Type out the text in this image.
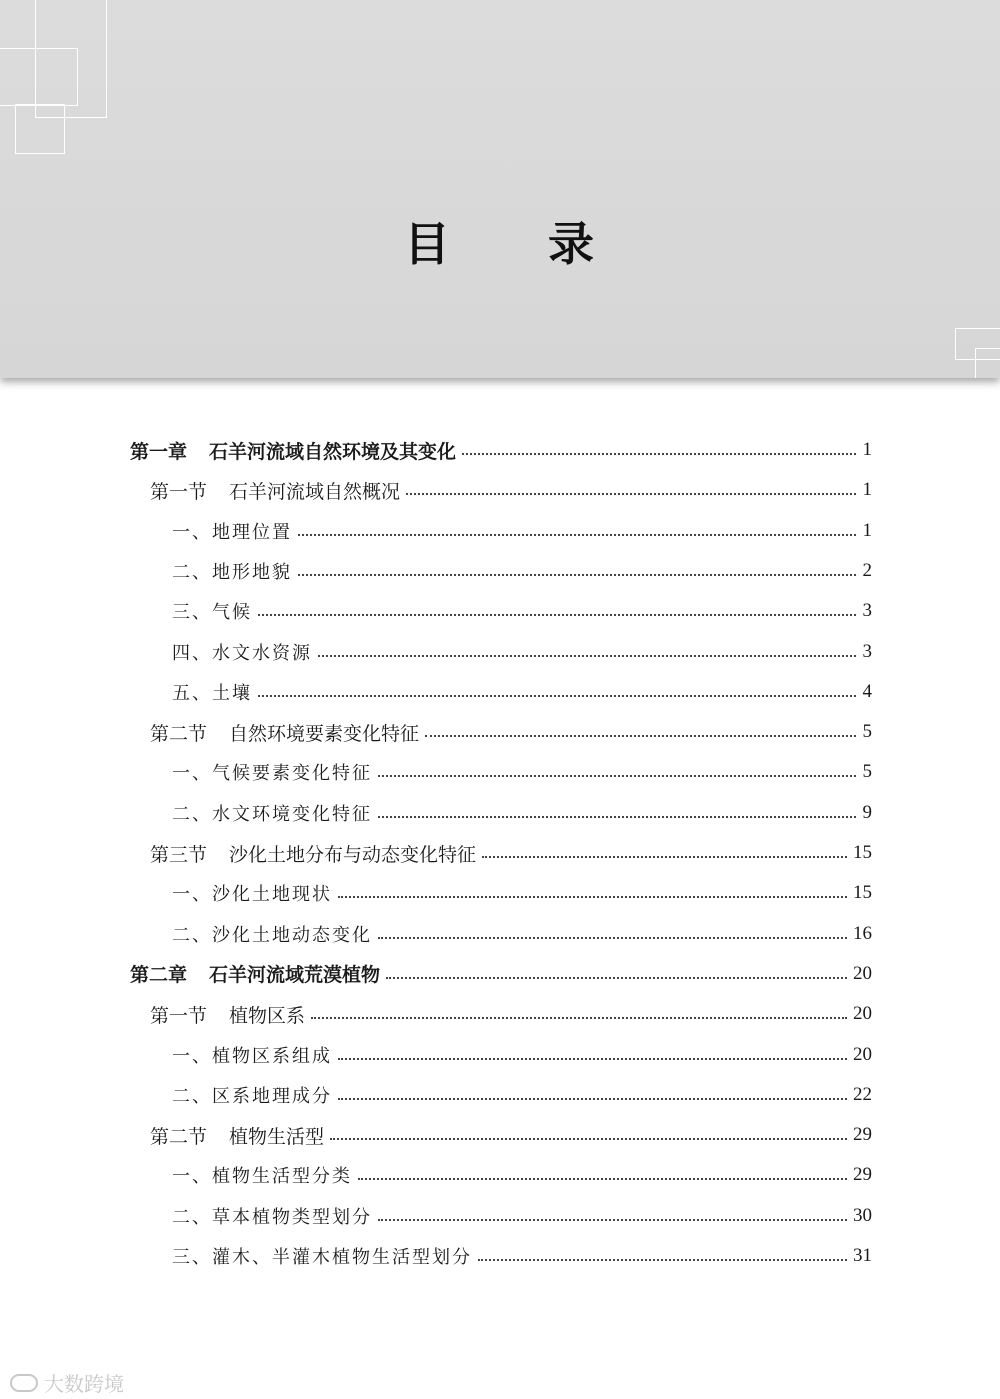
目 录
第一章 石羊河流域自然环境及其变化	1
第一节 石羊河流域自然概况	1
一、地理位置	1
二、地形地貌	2
三、气候	3
四、水文水资源	3
五、土壤	4
第二节 自然环境要素变化特征	5
一、气候要素变化特征	5
二、水文环境变化特征	9
第三节 沙化土地分布与动态变化特征	15
一、沙化土地现状	15
二、沙化土地动态变化	16
第二章 石羊河流域荒漠植物	20
第一节 植物区系	20
一、植物区系组成	20
二、区系地理成分	22
第二节 植物生活型	29
一、植物生活型分类	29
二、草本植物类型划分	30
三、灌木、半灌木植物生活型划分	31
大数跨境
